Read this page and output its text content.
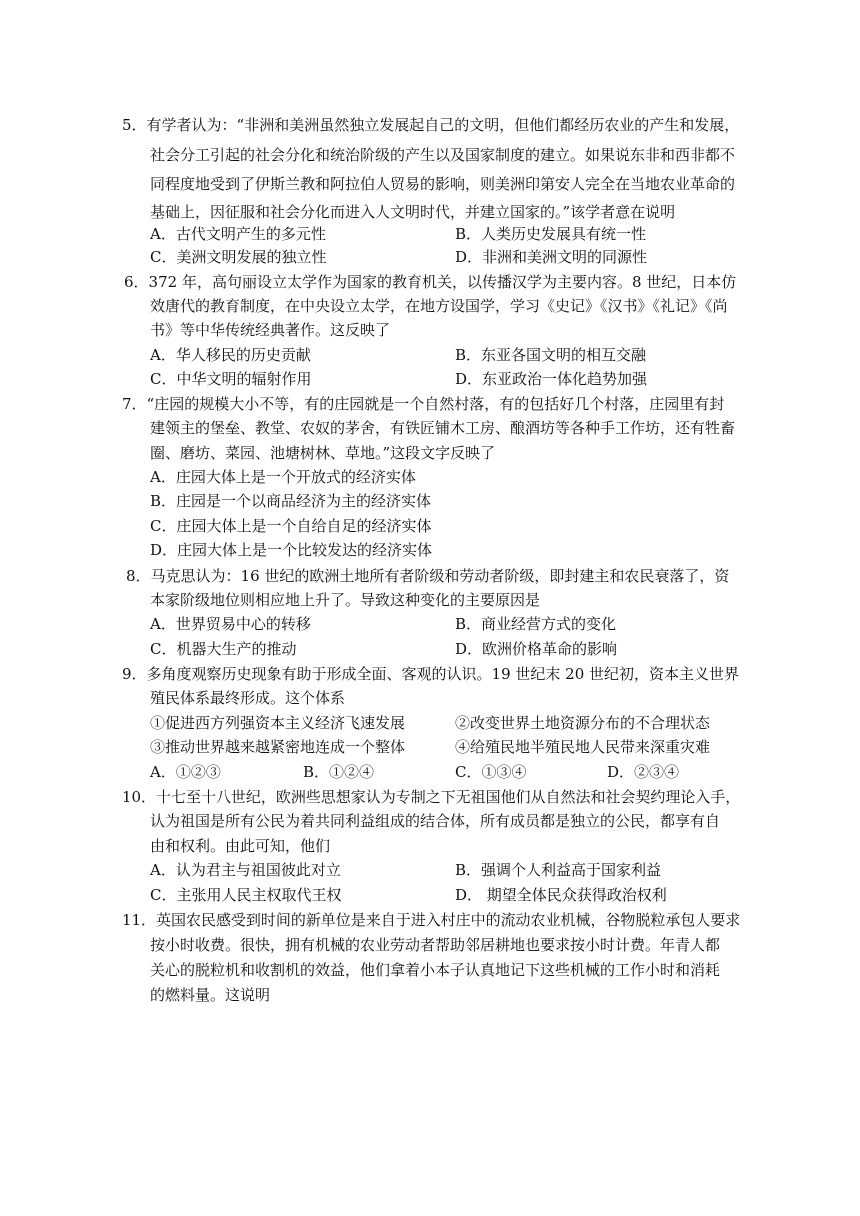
5．有学者认为：“非洲和美洲虽然独立发展起自己的文明，但他们都经历农业的产生和发展，
社会分工引起的社会分化和统治阶级的产生以及国家制度的建立。如果说东非和西非都不
同程度地受到了伊斯兰教和阿拉伯人贸易的影响，则美洲印第安人完全在当地农业革命的
基础上，因征服和社会分化而进入人文明时代，并建立国家的。”该学者意在说明
A．古代文明产生的多元性	B．人类历史发展具有统一性
C．美洲文明发展的独立性	D．非洲和美洲文明的同源性
6．372 年，高句丽设立太学作为国家的教育机关，以传播汉学为主要内容。8 世纪，日本仿
效唐代的教育制度，在中央设立太学，在地方设国学，学习《史记》《汉书》《礼记》《尚
书》等中华传统经典著作。这反映了
A．华人移民的历史贡献	B．东亚各国文明的相互交融
C．中华文明的辐射作用	D．东亚政治一体化趋势加强
7．“庄园的规模大小不等，有的庄园就是一个自然村落，有的包括好几个村落，庄园里有封
建领主的堡垒、教堂、农奴的茅舍，有铁匠铺木工房、酿酒坊等各种手工作坊，还有牲畜
圈、磨坊、菜园、池塘树林、草地。”这段文字反映了
A．庄园大体上是一个开放式的经济实体
B．庄园是一个以商品经济为主的经济实体
C．庄园大体上是一个自给自足的经济实体
D．庄园大体上是一个比较发达的经济实体
8．马克思认为：16 世纪的欧洲土地所有者阶级和劳动者阶级，即封建主和农民衰落了，资
本家阶级地位则相应地上升了。导致这种变化的主要原因是
A．世界贸易中心的转移	B．商业经营方式的变化
C．机器大生产的推动	D．欧洲价格革命的影响
9．多角度观察历史现象有助于形成全面、客观的认识。19 世纪末 20 世纪初，资本主义世界
殖民体系最终形成。这个体系
①促进西方列强资本主义经济飞速发展	②改变世界土地资源分布的不合理状态
③推动世界越来越紧密地连成一个整体	④给殖民地半殖民地人民带来深重灾难
A．①②③	B．①②④	C．①③④	D．②③④
10．十七至十八世纪，欧洲些思想家认为专制之下无祖国他们从自然法和社会契约理论入手，
认为祖国是所有公民为着共同利益组成的结合体，所有成员都是独立的公民，都享有自
由和权利。由此可知，他们
A．认为君主与祖国彼此对立	B．强调个人利益高于国家利益
C．主张用人民主权取代王权	D． 期望全体民众获得政治权利
11．英国农民感受到时间的新单位是来自于进入村庄中的流动农业机械，谷物脱粒承包人要求
按小时收费。很快，拥有机械的农业劳动者帮助邻居耕地也要求按小时计费。年青人都
关心的脱粒机和收割机的效益，他们拿着小本子认真地记下这些机械的工作小时和消耗
的燃料量。这说明
